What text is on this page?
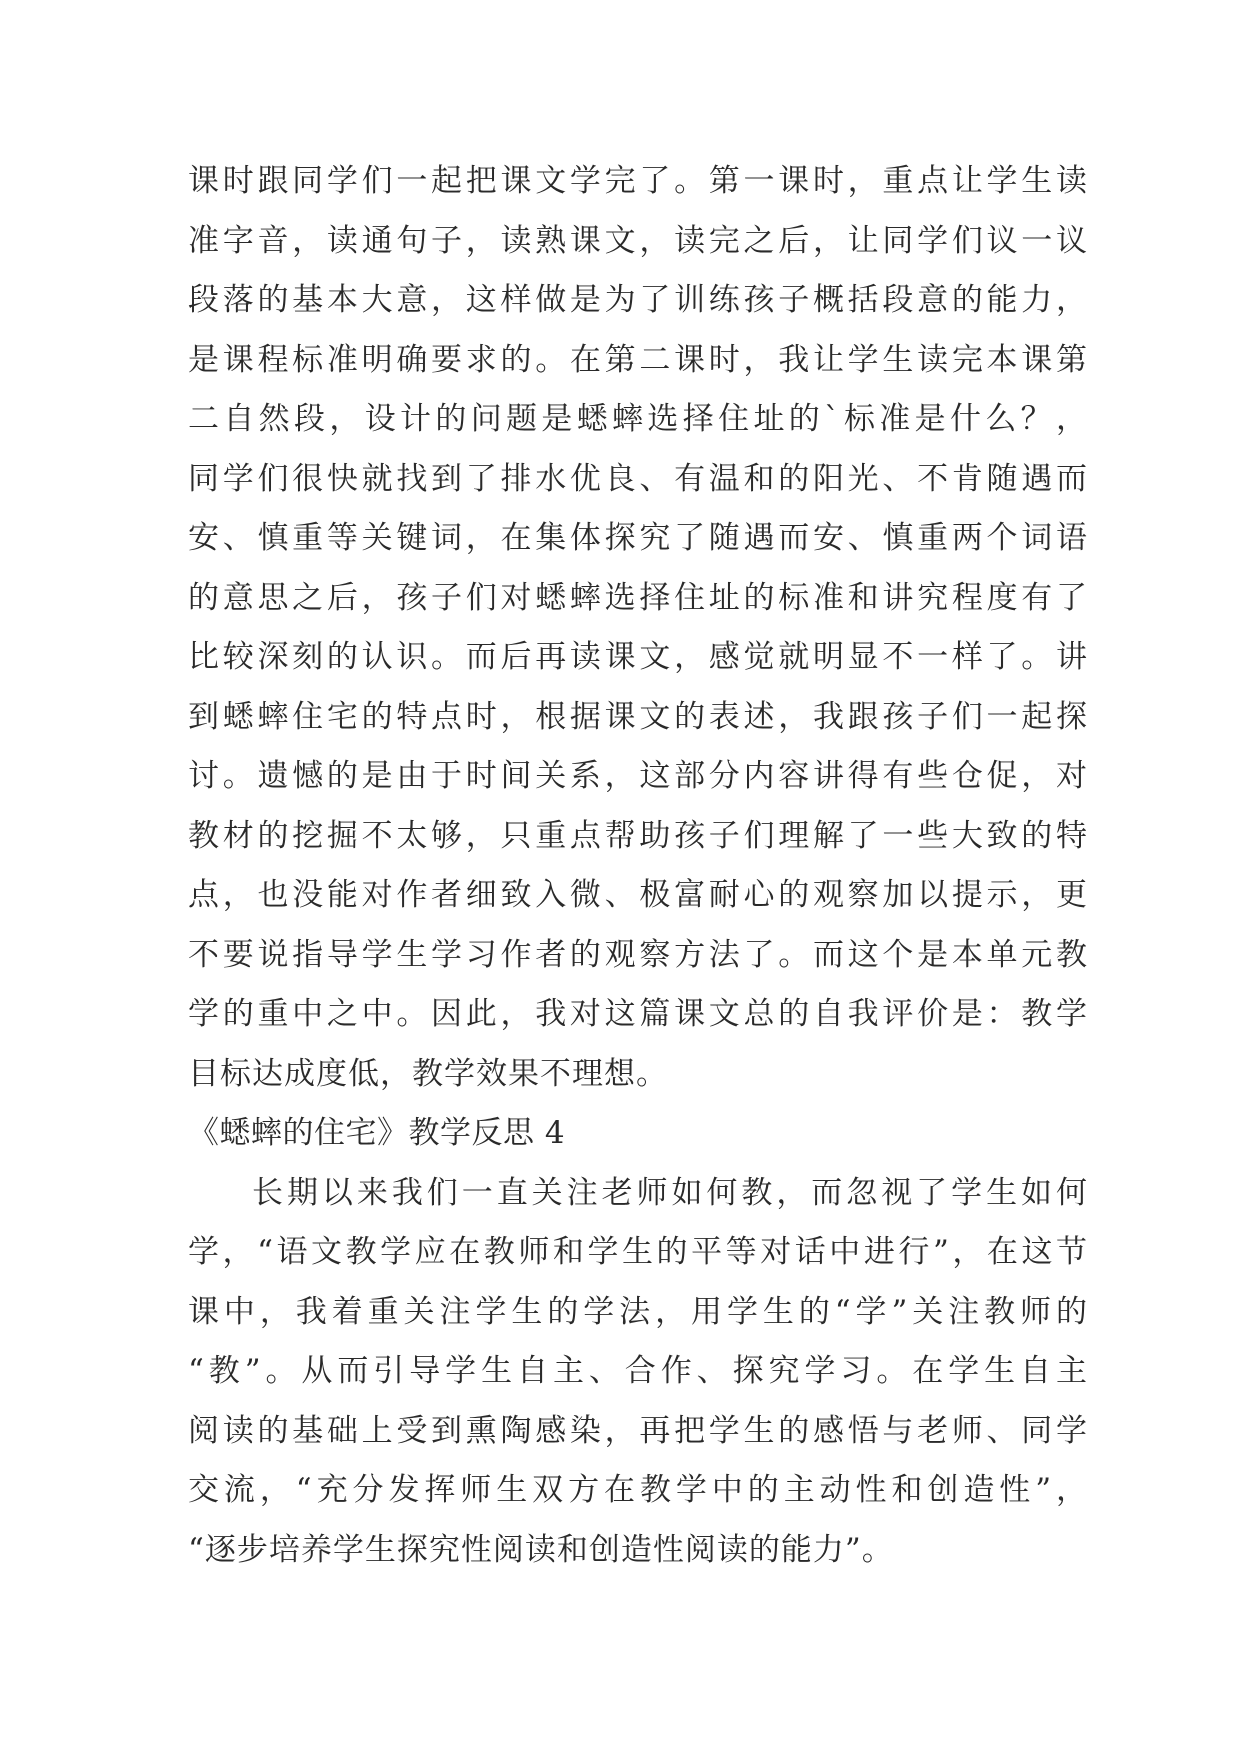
课时跟同学们一起把课文学完了。第一课时，重点让学生读
准字音，读通句子，读熟课文，读完之后，让同学们议一议
段落的基本大意，这样做是为了训练孩子概括段意的能力，
是课程标准明确要求的。在第二课时，我让学生读完本课第
二自然段，设计的问题是蟋蟀选择住址的`标准是什么？，
同学们很快就找到了排水优良、有温和的阳光、不肯随遇而
安、慎重等关键词，在集体探究了随遇而安、慎重两个词语
的意思之后，孩子们对蟋蟀选择住址的标准和讲究程度有了
比较深刻的认识。而后再读课文，感觉就明显不一样了。讲
到蟋蟀住宅的特点时，根据课文的表述，我跟孩子们一起探
讨。遗憾的是由于时间关系，这部分内容讲得有些仓促，对
教材的挖掘不太够，只重点帮助孩子们理解了一些大致的特
点，也没能对作者细致入微、极富耐心的观察加以提示，更
不要说指导学生学习作者的观察方法了。而这个是本单元教
学的重中之中。因此，我对这篇课文总的自我评价是：教学
目标达成度低，教学效果不理想。
《蟋蟀的住宅》教学反思 4
长期以来我们一直关注老师如何教，而忽视了学生如何
学，“语文教学应在教师和学生的平等对话中进行”，在这节
课中，我着重关注学生的学法，用学生的“学”关注教师的
“教”。从而引导学生自主、合作、探究学习。在学生自主
阅读的基础上受到熏陶感染，再把学生的感悟与老师、同学
交流，“充分发挥师生双方在教学中的主动性和创造性”，
“逐步培养学生探究性阅读和创造性阅读的能力”。
